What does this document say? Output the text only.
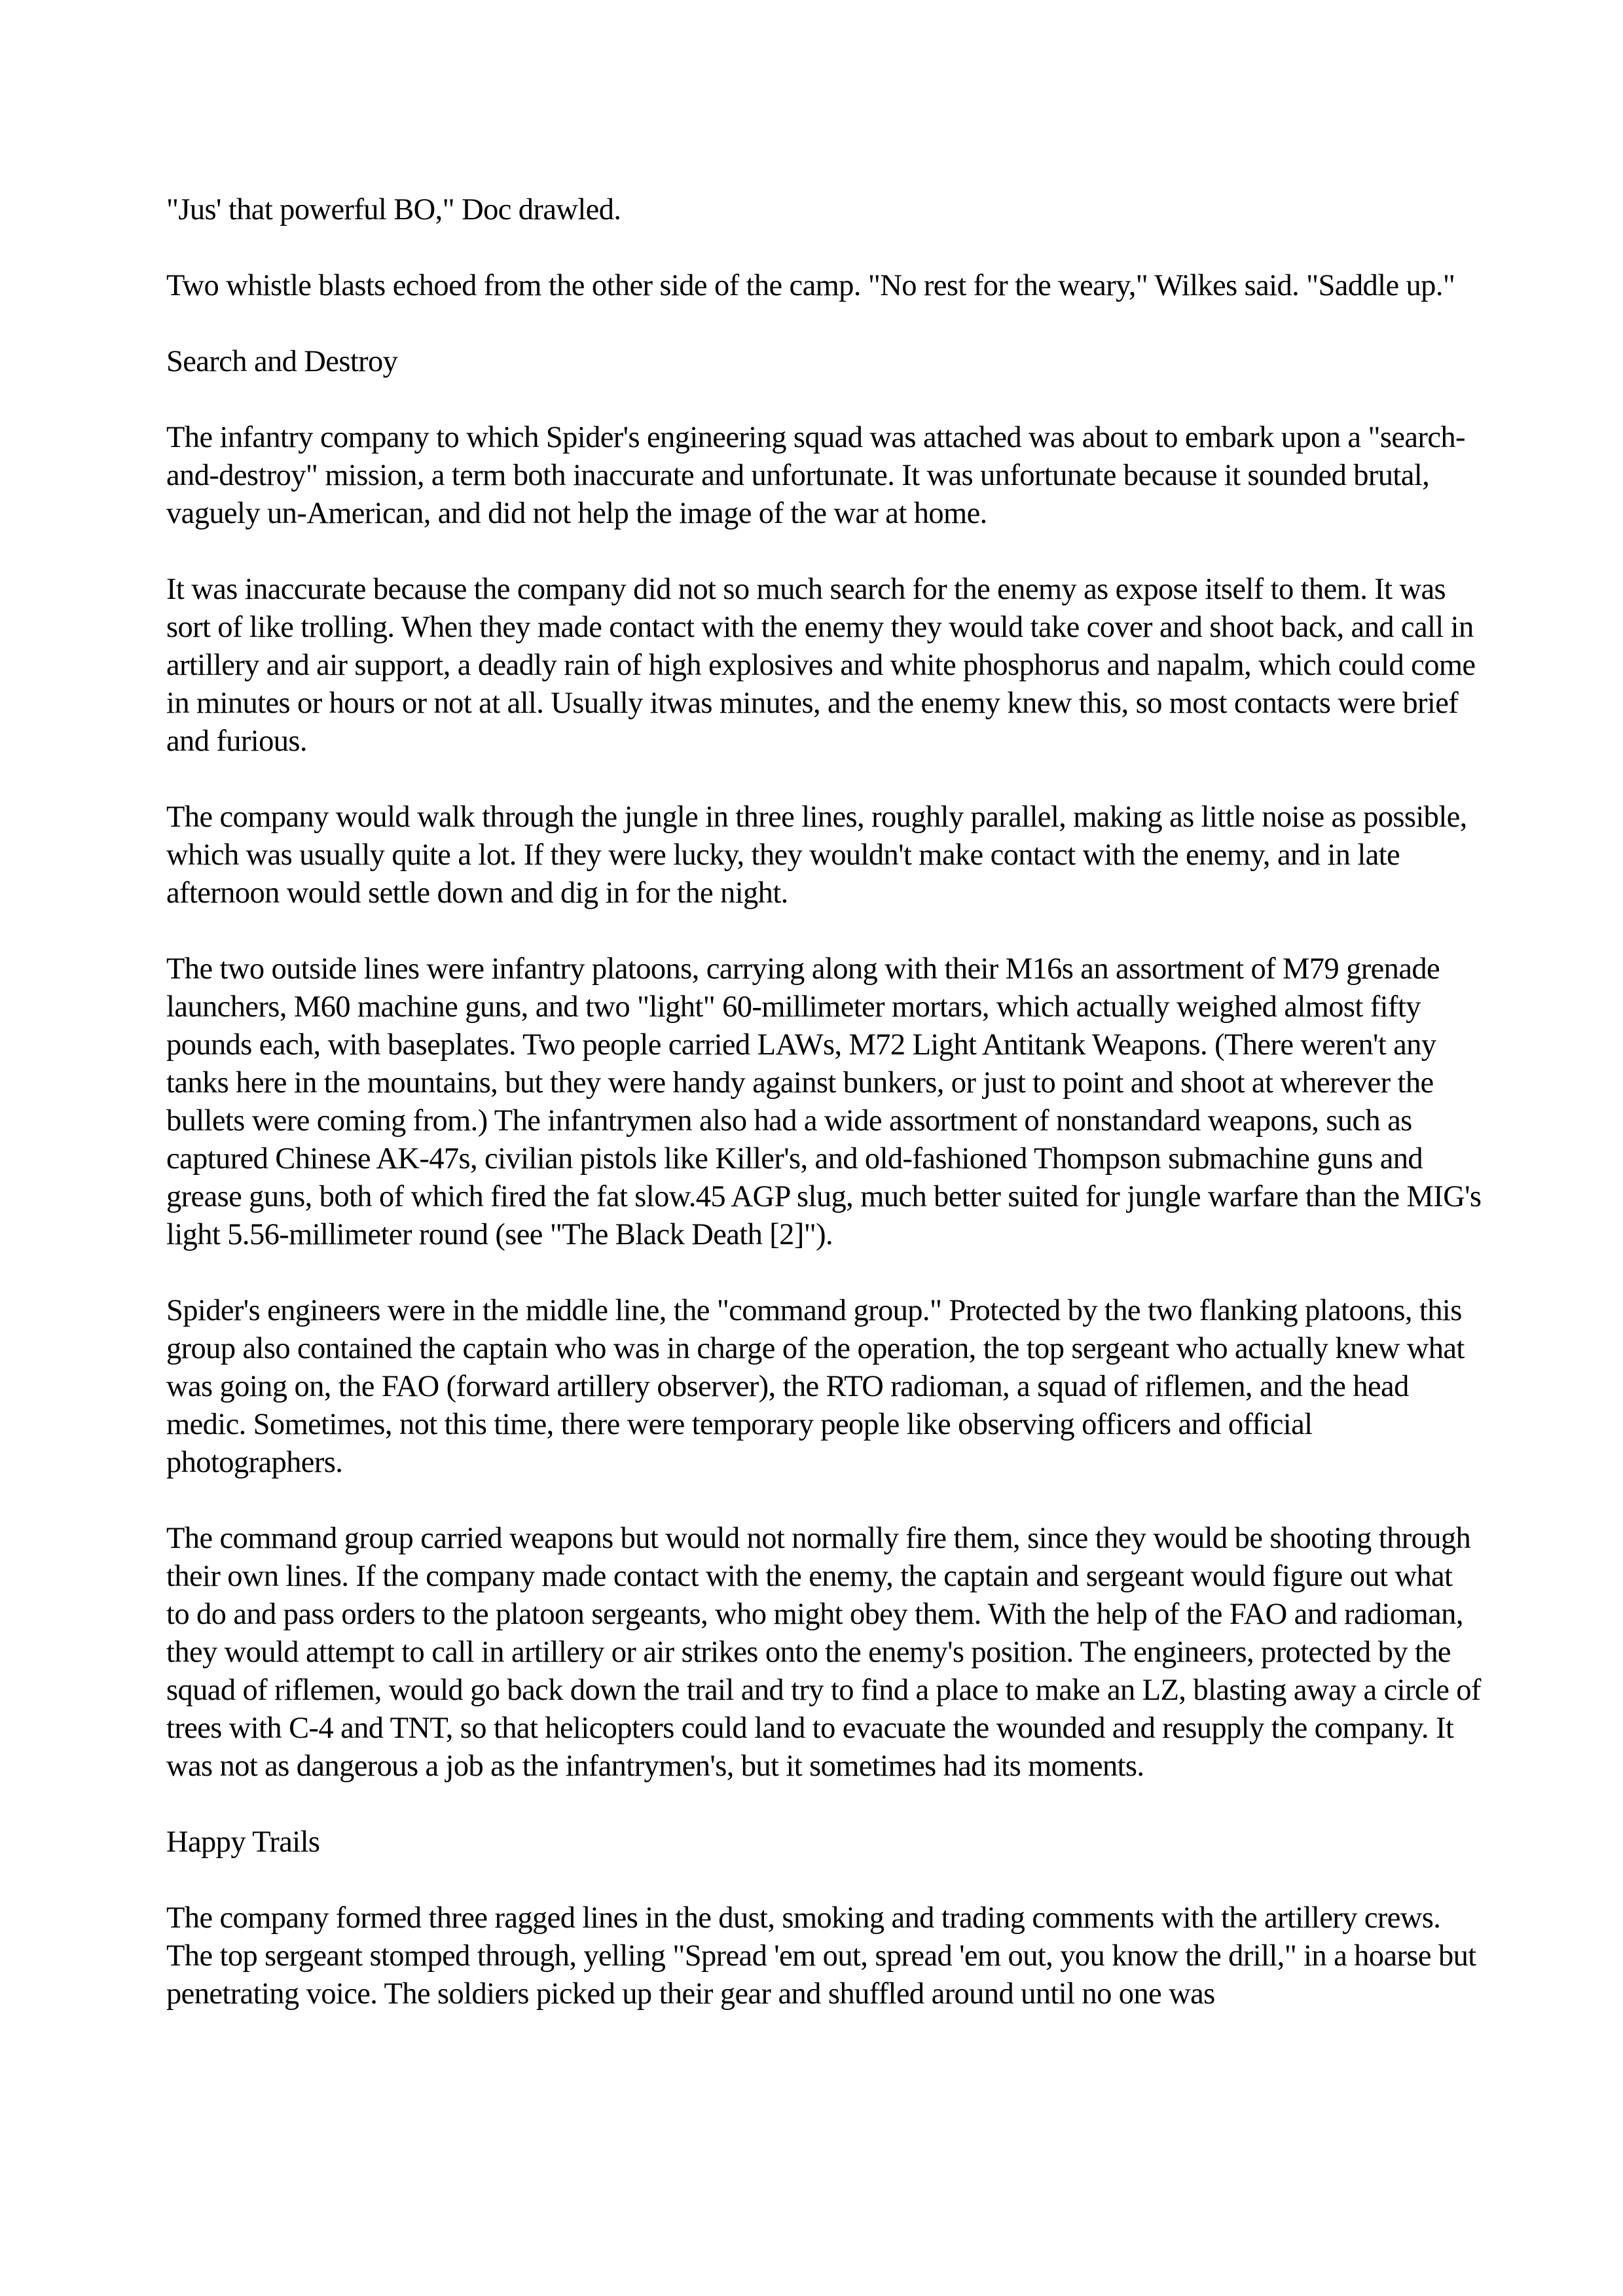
"Jus' that powerful BO," Doc drawled.

Two whistle blasts echoed from the other side of the camp. "No rest for the weary," Wilkes said. "Saddle up."

Search and Destroy

The infantry company to which Spider's engineering squad was attached was about to embark upon a "search-and-destroy" mission, a term both inaccurate and unfortunate. It was unfortunate because it sounded brutal, vaguely un-American, and did not help the image of the war at home.

It was inaccurate because the company did not so much search for the enemy as expose itself to them. It was sort of like trolling. When they made contact with the enemy they would take cover and shoot back, and call in artillery and air support, a deadly rain of high explosives and white phosphorus and napalm, which could come in minutes or hours or not at all. Usually itwas minutes, and the enemy knew this, so most contacts were brief and furious.

The company would walk through the jungle in three lines, roughly parallel, making as little noise as possible, which was usually quite a lot. If they were lucky, they wouldn't make contact with the enemy, and in late afternoon would settle down and dig in for the night.

The two outside lines were infantry platoons, carrying along with their M16s an assortment of M79 grenade launchers, M60 machine guns, and two "light" 60-millimeter mortars, which actually weighed almost fifty pounds each, with baseplates. Two people carried LAWs, M72 Light Antitank Weapons. (There weren't any tanks here in the mountains, but they were handy against bunkers, or just to point and shoot at wherever the bullets were coming from.) The infantrymen also had a wide assortment of nonstandard weapons, such as captured Chinese AK-47s, civilian pistols like Killer's, and old-fashioned Thompson submachine guns and grease guns, both of which fired the fat slow.45 AGP slug, much better suited for jungle warfare than the MIG's light 5.56-millimeter round (see "The Black Death [2]").

Spider's engineers were in the middle line, the "command group." Protected by the two flanking platoons, this group also contained the captain who was in charge of the operation, the top sergeant who actually knew what was going on, the FAO (forward artillery observer), the RTO radioman, a squad of riflemen, and the head medic. Sometimes, not this time, there were temporary people like observing officers and official photographers.

The command group carried weapons but would not normally fire them, since they would be shooting through their own lines. If the company made contact with the enemy, the captain and sergeant would figure out what to do and pass orders to the platoon sergeants, who might obey them. With the help of the FAO and radioman, they would attempt to call in artillery or air strikes onto the enemy's position. The engineers, protected by the squad of riflemen, would go back down the trail and try to find a place to make an LZ, blasting away a circle of trees with C-4 and TNT, so that helicopters could land to evacuate the wounded and resupply the company. It was not as dangerous a job as the infantrymen's, but it sometimes had its moments.

Happy Trails

The company formed three ragged lines in the dust, smoking and trading comments with the artillery crews. The top sergeant stomped through, yelling "Spread 'em out, spread 'em out, you know the drill," in a hoarse but penetrating voice. The soldiers picked up their gear and shuffled around until no one was
